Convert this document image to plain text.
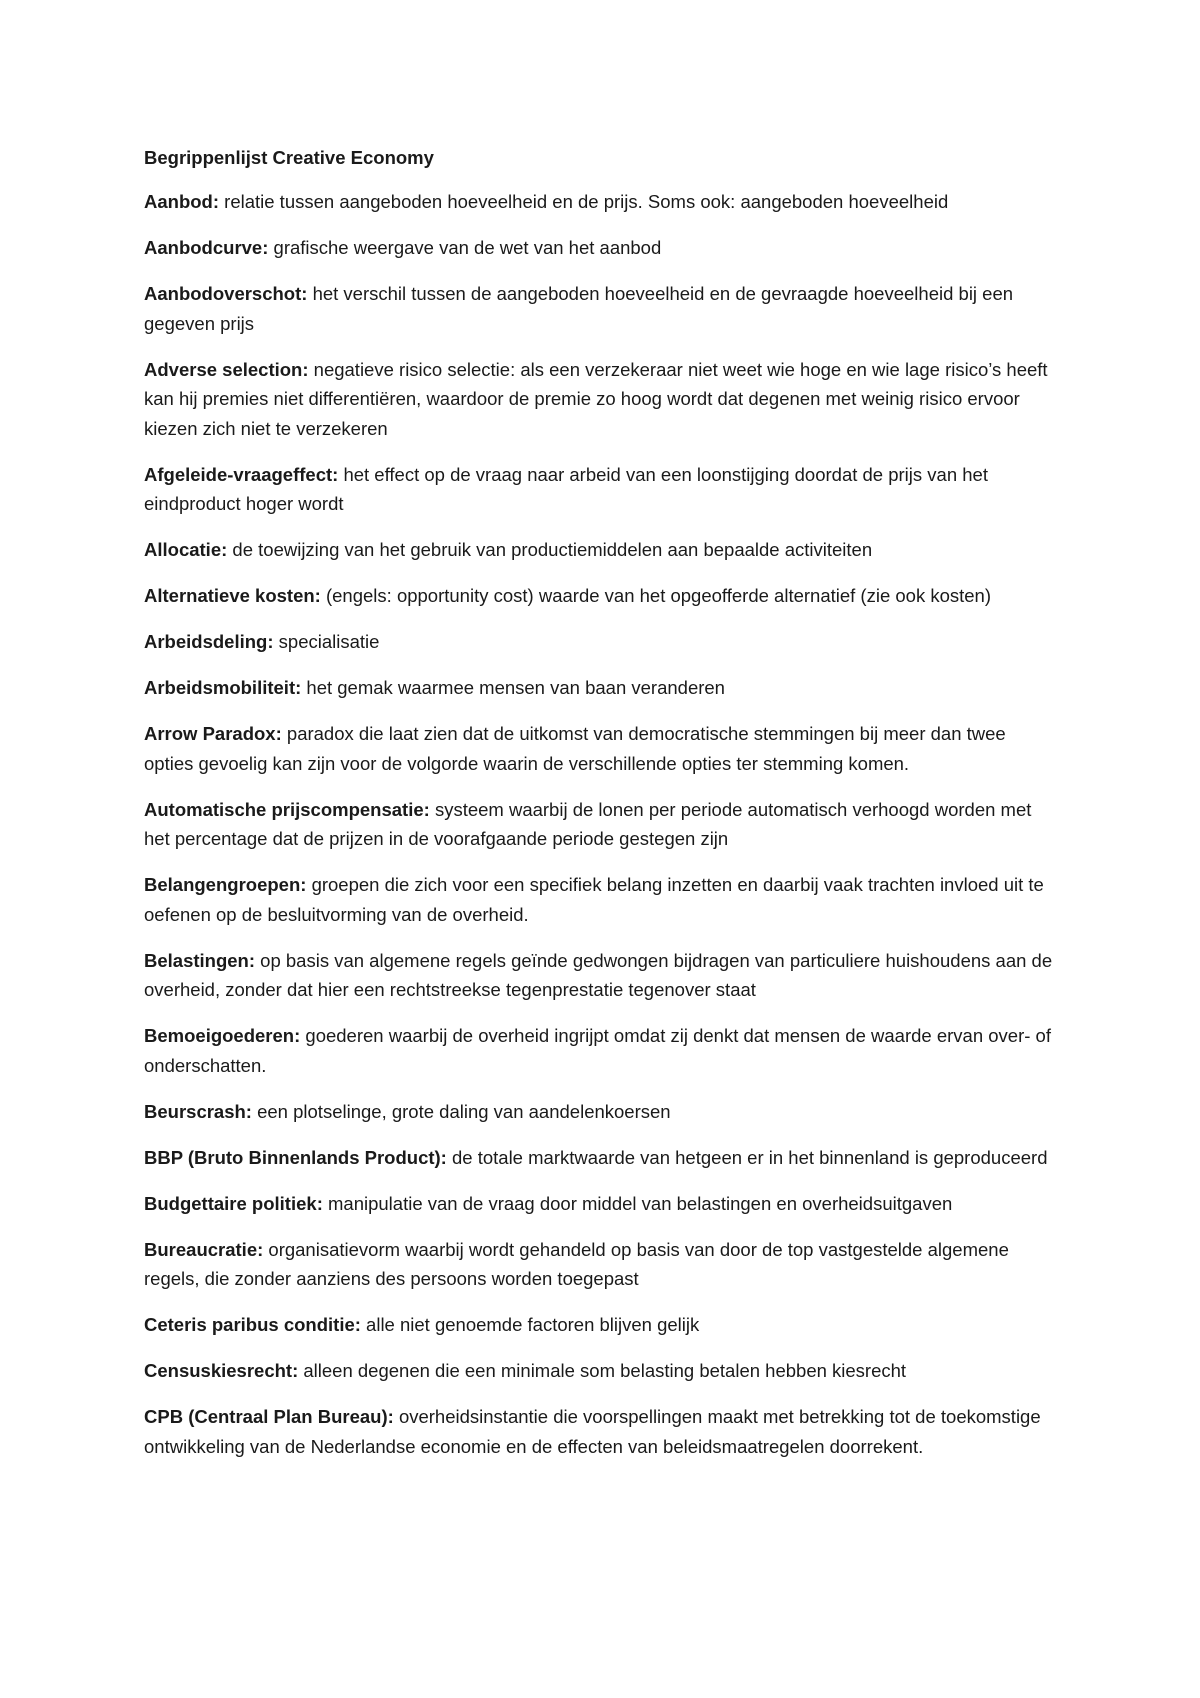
Begrippenlijst Creative Economy
Aanbod: relatie tussen aangeboden hoeveelheid en de prijs. Soms ook: aangeboden hoeveelheid
Aanbodcurve: grafische weergave van de wet van het aanbod
Aanbodoverschot: het verschil tussen de aangeboden hoeveelheid en de gevraagde hoeveelheid bij een gegeven prijs
Adverse selection: negatieve risico selectie: als een verzekeraar niet weet wie hoge en wie lage risico’s heeft kan hij premies niet differentiëren, waardoor de premie zo hoog wordt dat degenen met weinig risico ervoor kiezen zich niet te verzekeren
Afgeleide-vraageffect: het effect op de vraag naar arbeid van een loonstijging doordat de prijs van het eindproduct hoger wordt
Allocatie: de toewijzing van het gebruik van productiemiddelen aan bepaalde activiteiten
Alternatieve kosten: (engels: opportunity cost) waarde van het opgeofferde alternatief (zie ook kosten)
Arbeidsdeling: specialisatie
Arbeidsmobiliteit: het gemak waarmee mensen van baan veranderen
Arrow Paradox: paradox die laat zien dat de uitkomst van democratische stemmingen bij meer dan twee opties gevoelig kan zijn voor de volgorde waarin de verschillende opties ter stemming komen.
Automatische prijscompensatie: systeem waarbij de lonen per periode automatisch verhoogd worden met het percentage dat de prijzen in de voorafgaande periode gestegen zijn
Belangengroepen: groepen die zich voor een specifiek belang inzetten en daarbij vaak trachten invloed uit te oefenen op de besluitvorming van de overheid.
Belastingen: op basis van algemene regels geïnde gedwongen bijdragen van particuliere huishoudens aan de overheid, zonder dat hier een rechtstreekse tegenprestatie tegenover staat
Bemoeigoederen: goederen waarbij de overheid ingrijpt omdat zij denkt dat mensen de waarde ervan over- of onderschatten.
Beurscrash: een plotselinge, grote daling van aandelenkoersen
BBP (Bruto Binnenlands Product): de totale marktwaarde van hetgeen er in het binnenland is geproduceerd
Budgettaire politiek: manipulatie van de vraag door middel van belastingen en overheidsuitgaven
Bureaucratie: organisatievorm waarbij wordt gehandeld op basis van door de top vastgestelde algemene regels, die zonder aanziens des persoons worden toegepast
Ceteris paribus conditie: alle niet genoemde factoren blijven gelijk
Censuskiesrecht: alleen degenen die een minimale som belasting betalen hebben kiesrecht
CPB (Centraal Plan Bureau): overheidsinstantie die voorspellingen maakt met betrekking tot de toekomstige ontwikkeling van de Nederlandse economie en de effecten van beleidsmaatregelen doorrekent.
